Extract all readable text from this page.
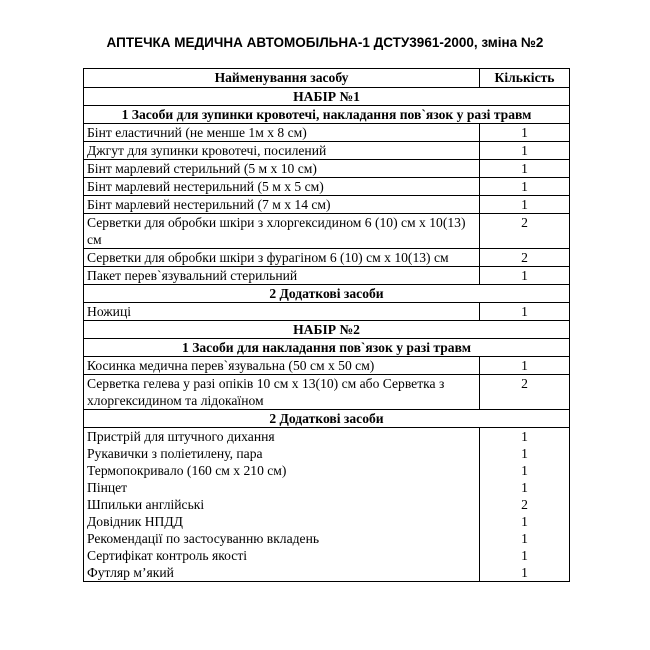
АПТЕЧКА МЕДИЧНА АВТОМОБІЛЬНА-1 ДСТУ3961-2000, зміна №2
Найменування засобу	Кількість
НАБІР №1	
1 Засоби для зупинки кровотечі, накладання пов`язок у разі травм	
Бінт еластичний (не менше 1м х 8 см)	1
Джгут для зупинки кровотечі, посилений	1
Бінт марлевий стерильний (5 м х 10 см)	1
Бінт марлевий нестерильний (5 м х 5 см)	1
Бінт марлевий нестерильний (7 м х 14 см)	1
Серветки для обробки шкіри з хлоргексидином 6 (10) см х 10(13) см	2
Серветки для обробки шкіри з фурагіном 6 (10) см х 10(13) см	2
Пакет перев`язувальний стерильний	1
2 Додаткові засоби	
Ножиці	1
НАБІР №2	
1 Засоби для накладання пов`язок у разі травм	
Косинка медична перев`язувальна (50 см х 50 см)	1
Серветка гелева у разі опіків 10 см х 13(10) см або Серветка з хлоргексидином та лідокаїном	2
2 Додаткові засоби	
Пристрій для штучного дихання	1
Рукавички з поліетилену, пара	1
Термопокривало (160 см х 210 см)	1
Пінцет	1
Шпильки англійські	2
Довідник НПДД	1
Рекомендації по застосуванню вкладень	1
Сертифікат контроль якості	1
Футляр м’який	1
